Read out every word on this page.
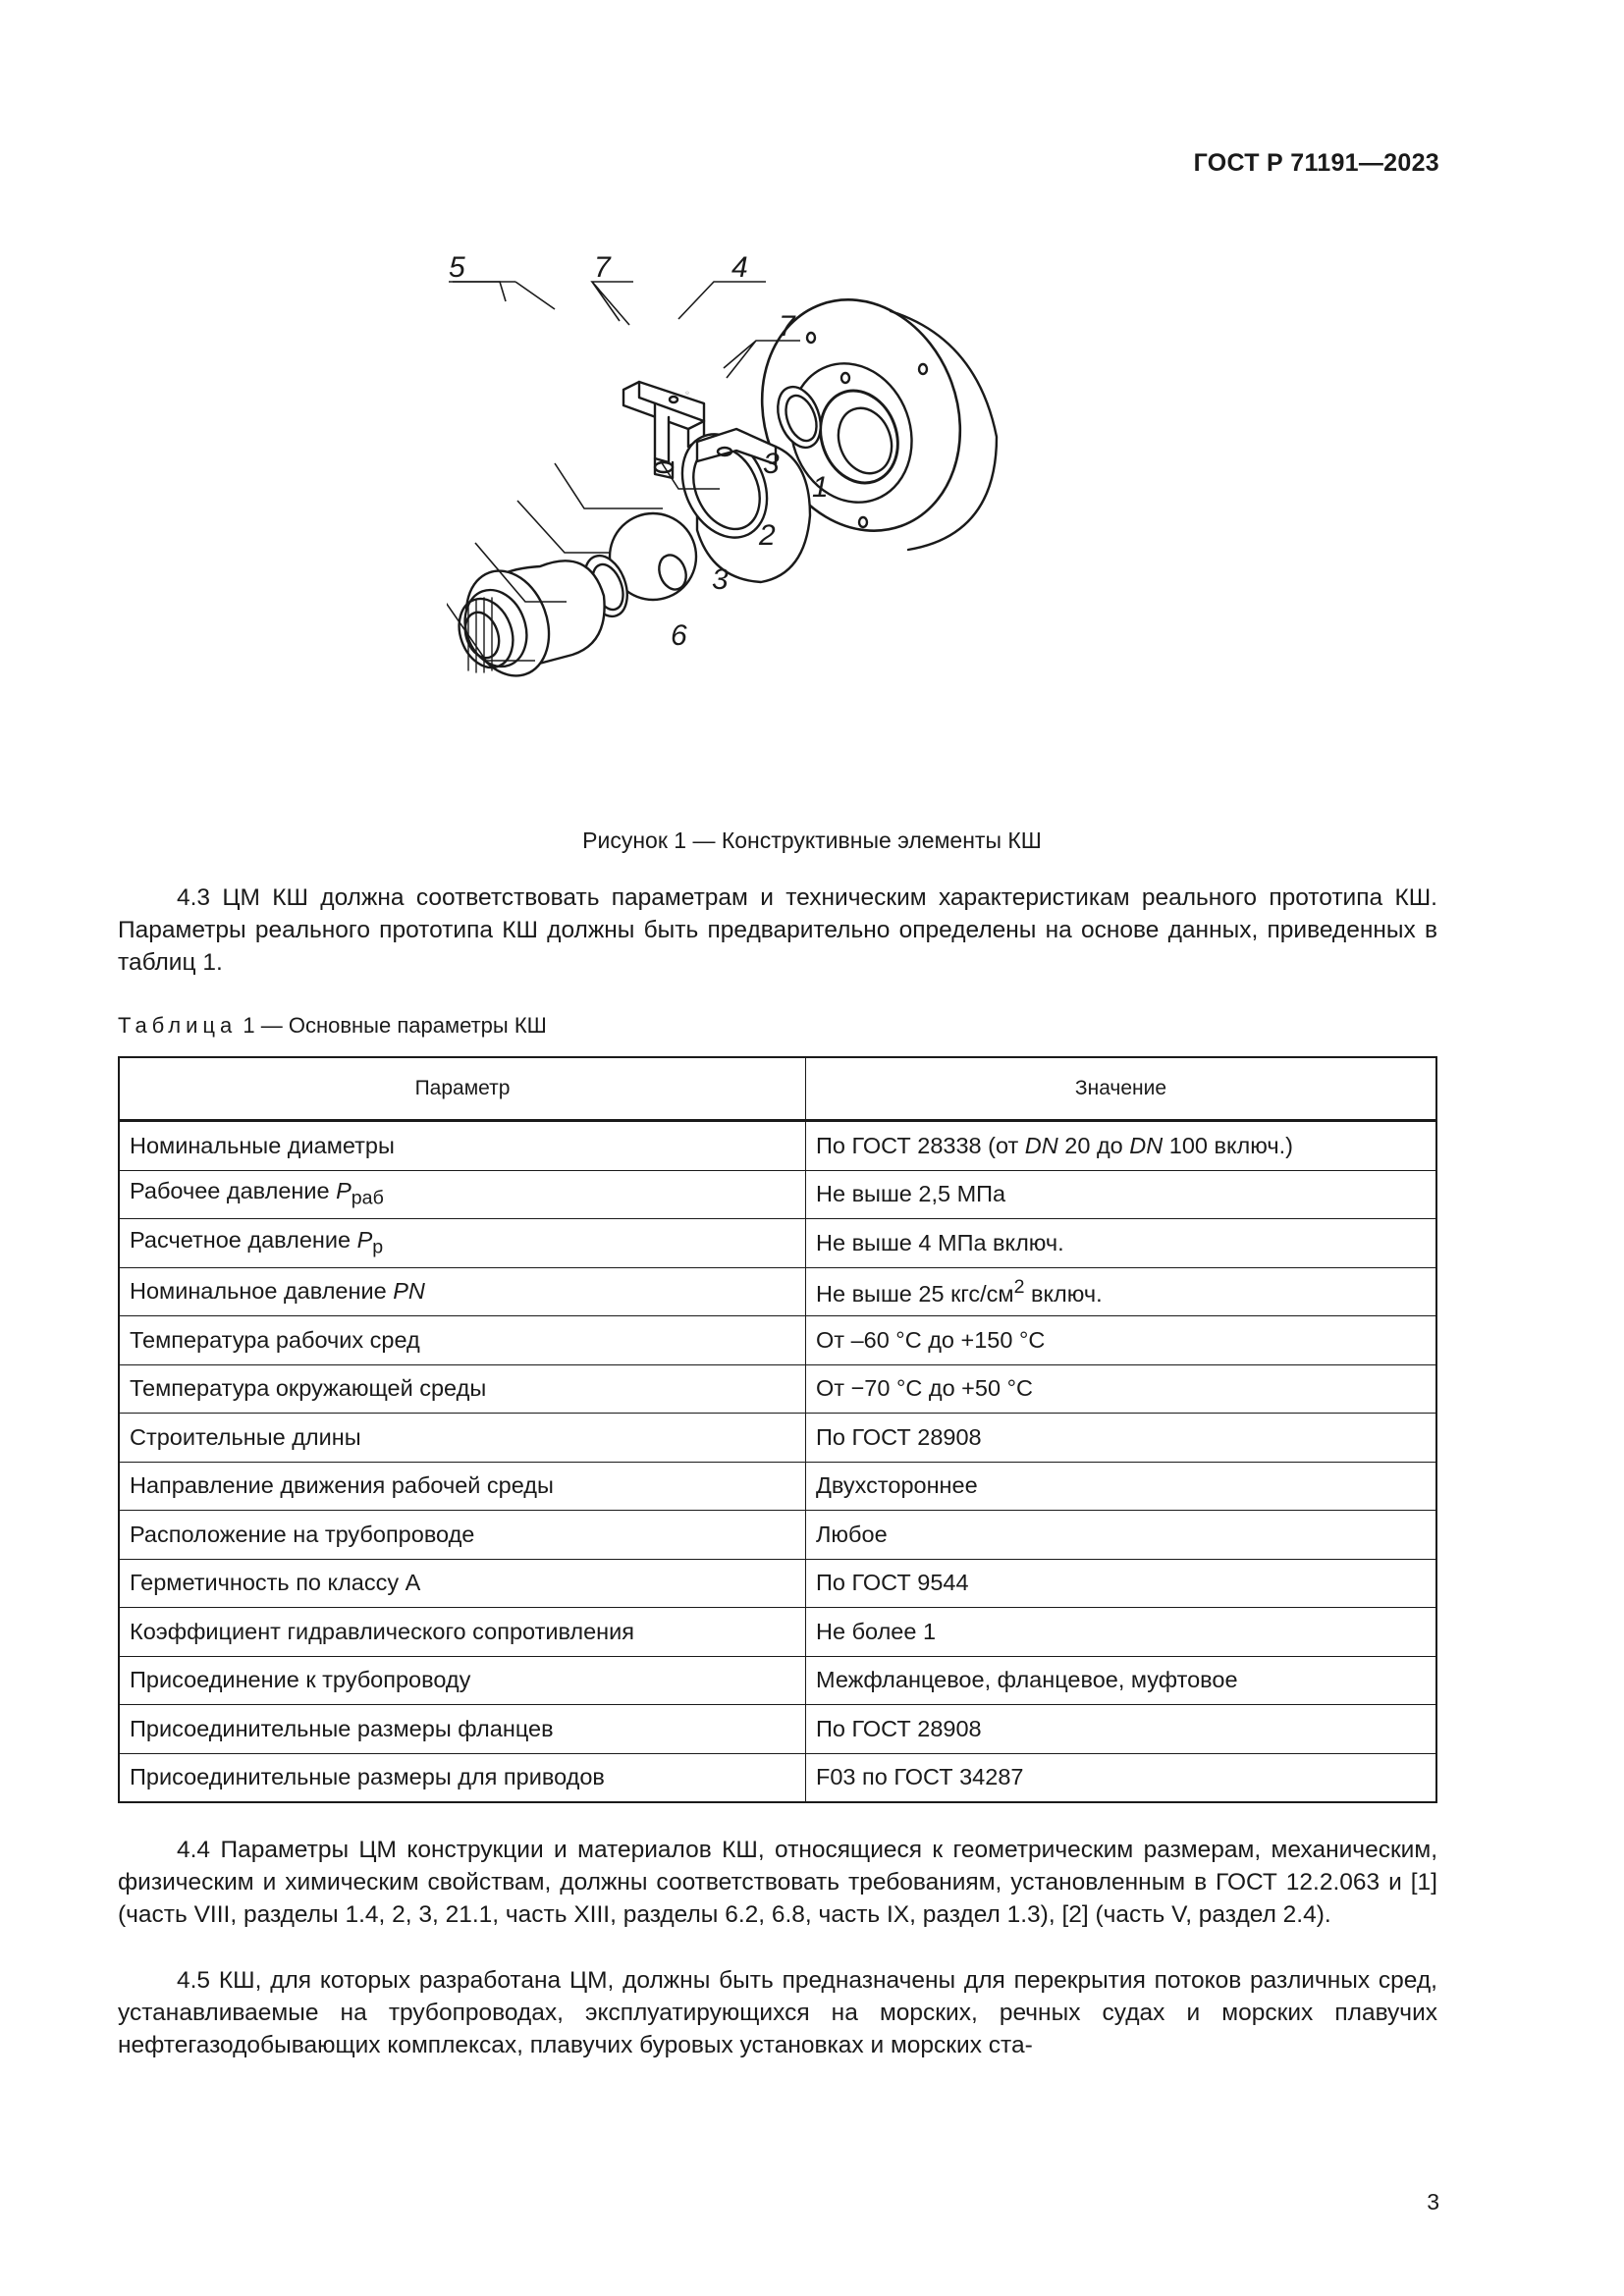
ГОСТ Р 71191—2023
5	7	4
7
3
1
2
3
6
Рисунок 1 — Конструктивные элементы КШ
4.3 ЦМ КШ должна соответствовать параметрам и техническим характеристикам реального прототипа КШ. Параметры реального прототипа КШ должны быть предварительно определены на основе данных, приведенных в таблиц 1.
Таблица 1 — Основные параметры КШ
Параметр	Значение
Номинальные диаметры	По ГОСТ 28338 (от DN 20 до DN 100 включ.)
Рабочее давление $P_{раб}$	Не выше 2,5 МПа
Расчетное давление $P_р$	Не выше 4 МПа включ.
Номинальное давление PN	Не выше 25 кгс/$см^2$ включ.
Температура рабочих сред	От –60 °C до +150 °C
Температура окружающей среды	От −70 °C до +50 °C
Строительные длины	По ГОСТ 28908
Направление движения рабочей среды	Двухстороннее
Расположение на трубопроводе	Любое
Герметичность по классу А	По ГОСТ 9544
Коэффициент гидравлического сопротивления	Не более 1
Присоединение к трубопроводу	Межфланцевое, фланцевое, муфтовое
Присоединительные размеры фланцев	По ГОСТ 28908
Присоединительные размеры для приводов	F03 по ГОСТ 34287
4.4 Параметры ЦМ конструкции и материалов КШ, относящиеся к геометрическим размерам, механическим, физическим и химическим свойствам, должны соответствовать требованиям, установленным в ГОСТ 12.2.063 и [1] (часть VIII, разделы 1.4, 2, 3, 21.1, часть XIII, разделы 6.2, 6.8, часть IX, раздел 1.3), [2] (часть V, раздел 2.4).
4.5 КШ, для которых разработана ЦМ, должны быть предназначены для перекрытия потоков различных сред, устанавливаемые на трубопроводах, эксплуатирующихся на морских, речных судах и морских плавучих нефтегазодобывающих комплексах, плавучих буровых установках и морских ста-
3
